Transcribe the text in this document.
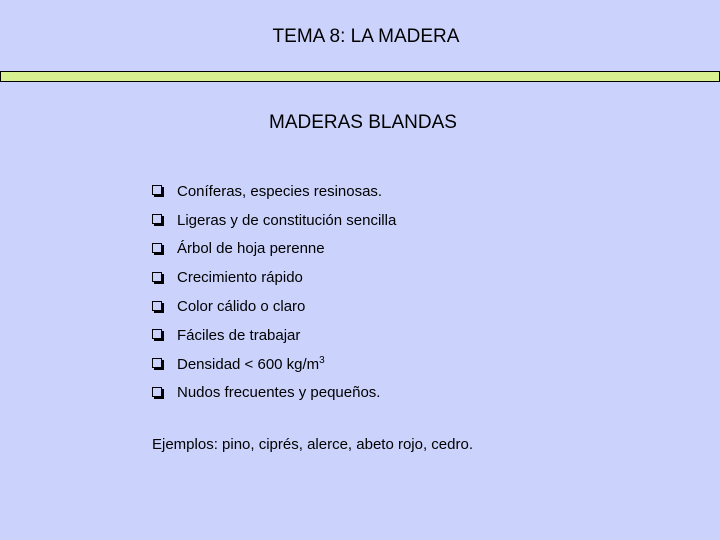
TEMA 8: LA MADERA
MADERAS BLANDAS
Coníferas, especies resinosas.
Ligeras y de constitución sencilla
Árbol de hoja perenne
Crecimiento rápido
Color cálido o claro
Fáciles de trabajar
Densidad < 600 $kg/m^3$
Nudos frecuentes y pequeños.
Ejemplos: pino, ciprés, alerce, abeto rojo, cedro.
